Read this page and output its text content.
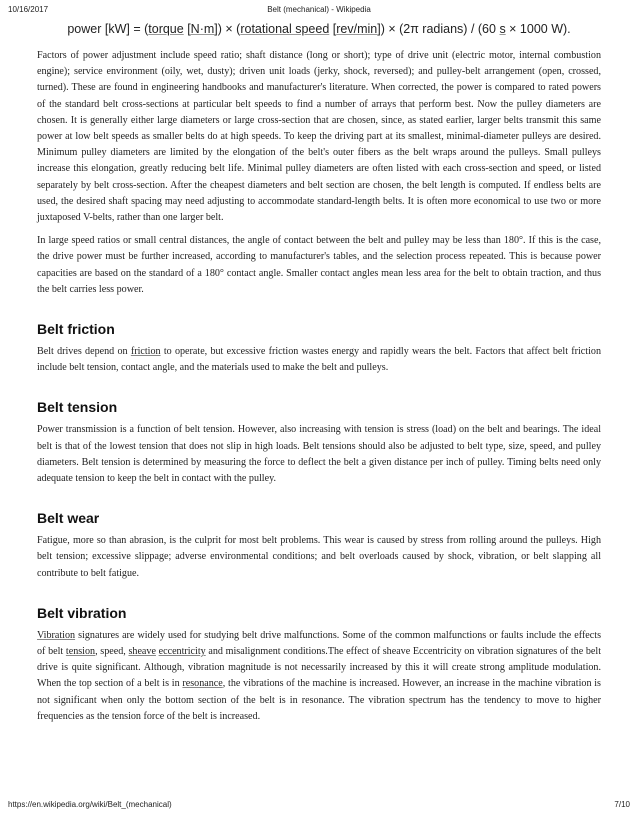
10/16/2017	Belt (mechanical) - Wikipedia
power [kW] = (torque [N·m]) × (rotational speed [rev/min]) × (2π radians) / (60 s × 1000 W).

Factors of power adjustment include speed ratio; shaft distance (long or short); type of drive unit (electric motor, internal combustion engine); service environment (oily, wet, dusty); driven unit loads (jerky, shock, reversed); and pulley-belt arrangement (open, crossed, turned). These are found in engineering handbooks and manufacturer's literature. When corrected, the power is compared to rated powers of the standard belt cross-sections at particular belt speeds to find a number of arrays that perform best. Now the pulley diameters are chosen. It is generally either large diameters or large cross-section that are chosen, since, as stated earlier, larger belts transmit this same power at low belt speeds as smaller belts do at high speeds. To keep the driving part at its smallest, minimal-diameter pulleys are desired. Minimum pulley diameters are limited by the elongation of the belt's outer fibers as the belt wraps around the pulleys. Small pulleys increase this elongation, greatly reducing belt life. Minimal pulley diameters are often listed with each cross-section and speed, or listed separately by belt cross-section. After the cheapest diameters and belt section are chosen, the belt length is computed. If endless belts are used, the desired shaft spacing may need adjusting to accommodate standard-length belts. It is often more economical to use two or more juxtaposed V-belts, rather than one larger belt.

In large speed ratios or small central distances, the angle of contact between the belt and pulley may be less than 180°. If this is the case, the drive power must be further increased, according to manufacturer's tables, and the selection process repeated. This is because power capacities are based on the standard of a 180° contact angle. Smaller contact angles mean less area for the belt to obtain traction, and thus the belt carries less power.

Belt friction

Belt drives depend on friction to operate, but excessive friction wastes energy and rapidly wears the belt. Factors that affect belt friction include belt tension, contact angle, and the materials used to make the belt and pulleys.

Belt tension

Power transmission is a function of belt tension. However, also increasing with tension is stress (load) on the belt and bearings. The ideal belt is that of the lowest tension that does not slip in high loads. Belt tensions should also be adjusted to belt type, size, speed, and pulley diameters. Belt tension is determined by measuring the force to deflect the belt a given distance per inch of pulley. Timing belts need only adequate tension to keep the belt in contact with the pulley.

Belt wear

Fatigue, more so than abrasion, is the culprit for most belt problems. This wear is caused by stress from rolling around the pulleys. High belt tension; excessive slippage; adverse environmental conditions; and belt overloads caused by shock, vibration, or belt slapping all contribute to belt fatigue.

Belt vibration

Vibration signatures are widely used for studying belt drive malfunctions. Some of the common malfunctions or faults include the effects of belt tension, speed, sheave eccentricity and misalignment conditions.The effect of sheave Eccentricity on vibration signatures of the belt drive is quite significant. Although, vibration magnitude is not necessarily increased by this it will create strong amplitude modulation. When the top section of a belt is in resonance, the vibrations of the machine is increased. However, an increase in the machine vibration is not significant when only the bottom section of the belt is in resonance. The vibration spectrum has the tendency to move to higher frequencies as the tension force of the belt is increased.

https://en.wikipedia.org/wiki/Belt_(mechanical)	7/10
